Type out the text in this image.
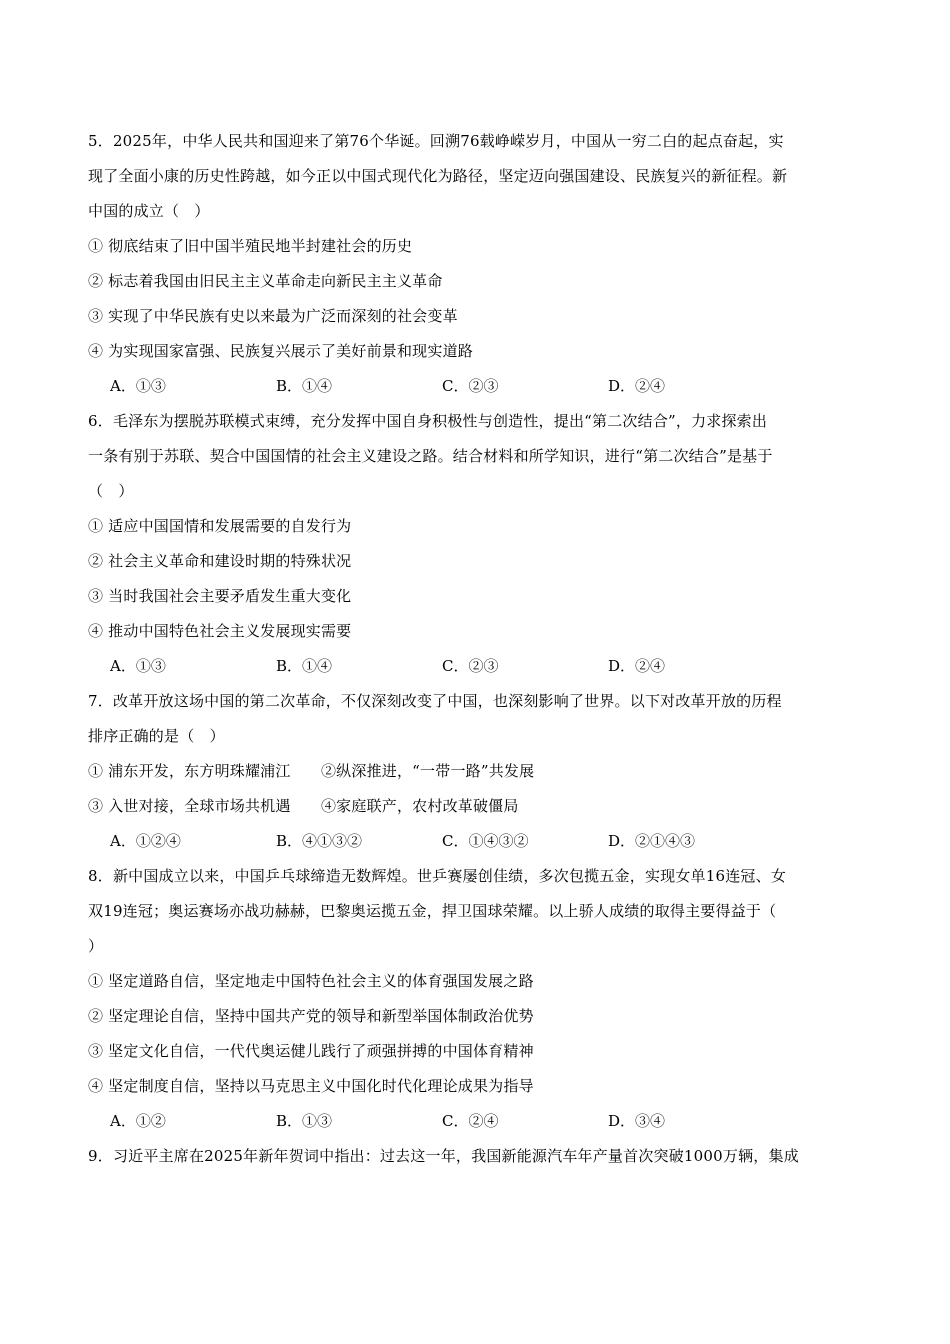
5．2025年，中华人民共和国迎来了第76个华诞。回溯76载峥嵘岁月，中国从一穷二白的起点奋起，实
现了全面小康的历史性跨越，如今正以中国式现代化为路径，坚定迈向强国建设、民族复兴的新征程。新
中国的成立（　）
① 彻底结束了旧中国半殖民地半封建社会的历史
② 标志着我国由旧民主主义革命走向新民主主义革命
③ 实现了中华民族有史以来最为广泛而深刻的社会变革
④ 为实现国家富强、民族复兴展示了美好前景和现实道路
A．①③	B．①④	C．②③	D．②④
6．毛泽东为摆脱苏联模式束缚，充分发挥中国自身积极性与创造性，提出“第二次结合”，力求探索出
一条有别于苏联、契合中国国情的社会主义建设之路。结合材料和所学知识，进行“第二次结合”是基于
（　）
① 适应中国国情和发展需要的自发行为
② 社会主义革命和建设时期的特殊状况
③ 当时我国社会主要矛盾发生重大变化
④ 推动中国特色社会主义发展现实需要
A．①③	B．①④	C．②③	D．②④
7．改革开放这场中国的第二次革命，不仅深刻改变了中国，也深刻影响了世界。以下对改革开放的历程
排序正确的是（　）
① 浦东开发，东方明珠耀浦江　　②纵深推进，“一带一路”共发展
③ 入世对接，全球市场共机遇　　④家庭联产，农村改革破僵局
A．①②④	B．④①③②	C．①④③②	D．②①④③
8．新中国成立以来，中国乒乓球缔造无数辉煌。世乒赛屡创佳绩，多次包揽五金，实现女单16连冠、女
双19连冠；奥运赛场亦战功赫赫，巴黎奥运揽五金，捍卫国球荣耀。以上骄人成绩的取得主要得益于（
）
① 坚定道路自信，坚定地走中国特色社会主义的体育强国发展之路
② 坚定理论自信，坚持中国共产党的领导和新型举国体制政治优势
③ 坚定文化自信，一代代奥运健儿践行了顽强拼搏的中国体育精神
④ 坚定制度自信，坚持以马克思主义中国化时代化理论成果为指导
A．①②	B．①③	C．②④	D．③④
9．习近平主席在2025年新年贺词中指出：过去这一年，我国新能源汽车年产量首次突破1000万辆，集成
